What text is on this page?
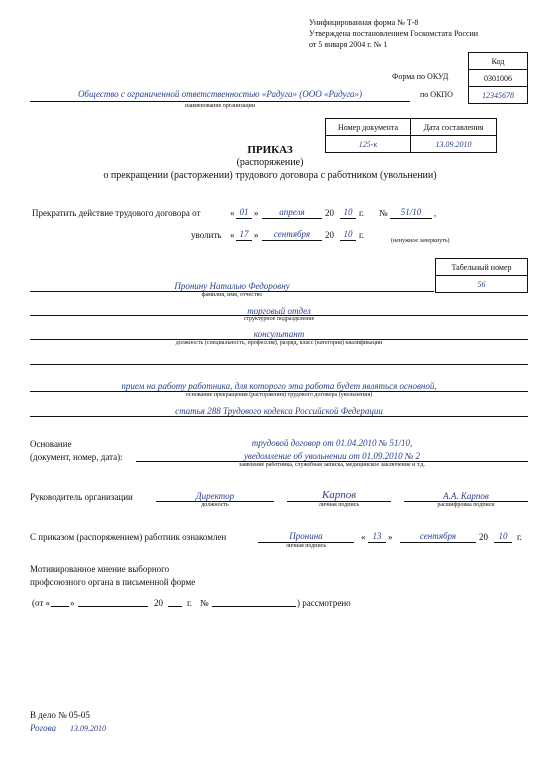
Унифицированная форма № Т-8
Утверждена постановлением Госкомстата России
от 5 января 2004 г. № 1
Код
0301006
12345678
Форма по ОКУД
по ОКПО
Общество с ограниченной ответственностью «Радуга» (ООО «Радуга»)
наименование организации
Номер документа	Дата составления
125-к	13.09.2010
ПРИКАЗ
(распоряжение)
о прекращении (расторжении) трудового договора с работником (увольнении)
Прекратить действие трудового договора от	« 01 »	апреля	20	10 г. №	51/10	,
уволить « 17 »	сентября	20	10 г.
(ненужное зачеркнуть)
Табельный номер
56
Пронину Наталью Федоровну
фамилия, имя, отчество
торговый отдел
структурное подразделение
консультант
должность (специальность, профессия), разряд, класс (категория) квалификации
прием на работу работника, для которого эта работа будет являться основной,
основание прекращения (расторжения) трудового договора (увольнения)
статья 288 Трудового кодекса Российской Федерации
Основание
(документ, номер, дата):
трудовой договор от 01.04.2010 № 51/10,
уведомление об увольнении от 01.09.2010 № 2
заявление работника, служебная записка, медицинское заключение и т.д.
Руководитель организации	Директор
должность
Карпов
личная подпись
А.А. Карпов
расшифровка подписи
С приказом (распоряжением) работник ознакомлен	Пронина
личная подпись
« 13 »	сентября	20	10	г.
Мотивированное мнение выборного
профсоюзного органа в письменной форме
(от « »	20	г. №	) рассмотрено
В дело № 05-05
Рогова 13.09.2010
